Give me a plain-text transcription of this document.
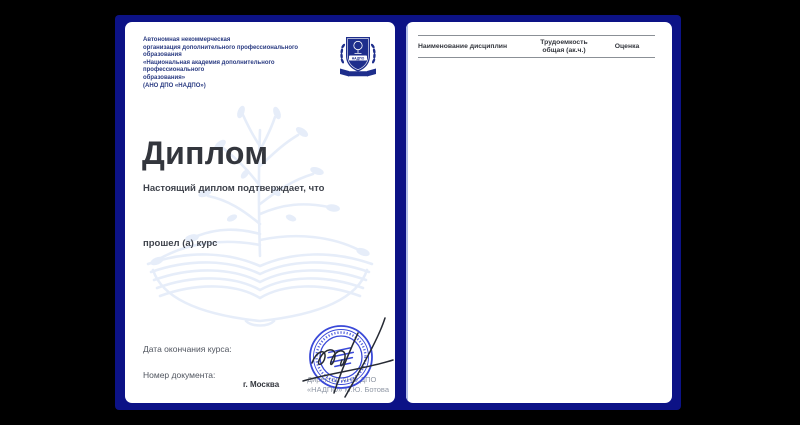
Автономная некоммерческая
организация дополнительного профессионального образования
«Национальная академия дополнительного профессионального
образования»
(АНО ДПО «НАДПО»)
НАДПО
Диплом
Настоящий диплом подтверждает, что
прошел (а) курс
Дата окончания курса:
Номер документа:
г. Москва
Директор АНО ДПО
«НАДПО» М.Ю. Ботова
Наименование дисциплин
Трудоемкость общая (ак.ч.)
Оценка
